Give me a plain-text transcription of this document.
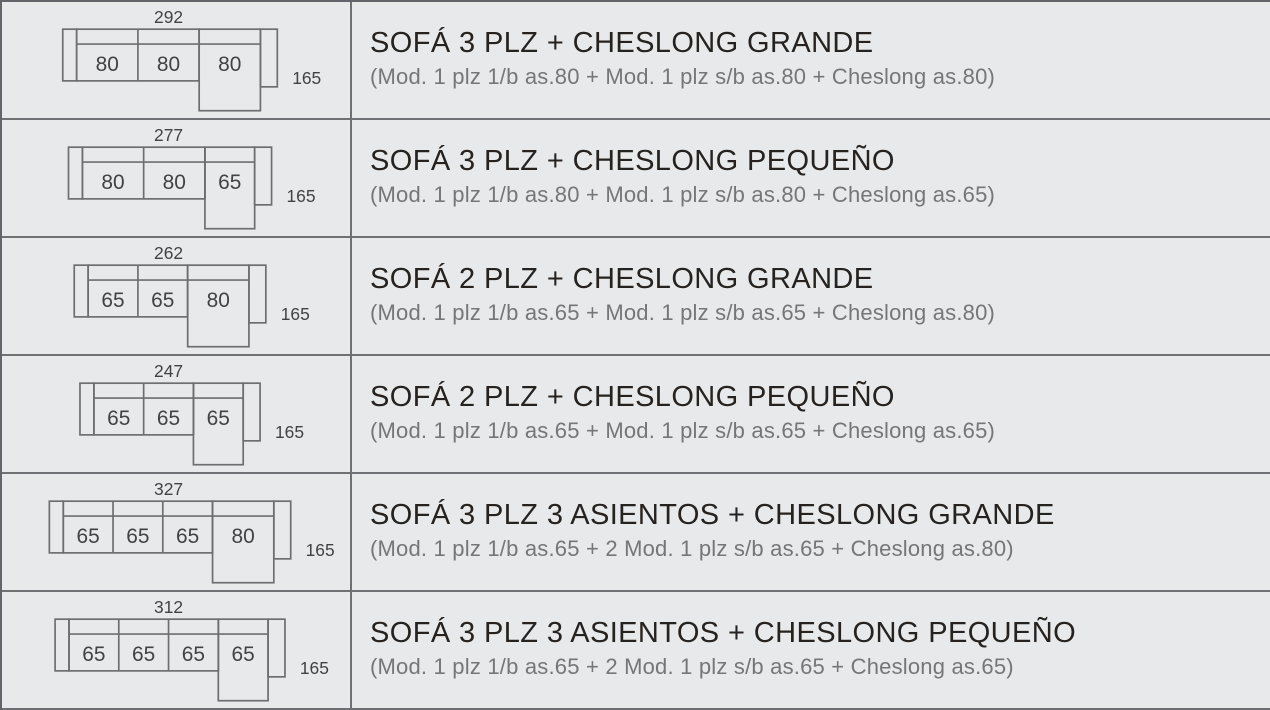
80 80 80
292
165
SOFÁ 3 PLZ + CHESLONG GRANDE
(Mod. 1 plz 1/b as.80 + Mod. 1 plz s/b as.80 + Cheslong as.80)
80 80 65
277
165
SOFÁ 3 PLZ + CHESLONG PEQUEÑO
(Mod. 1 plz 1/b as.80 + Mod. 1 plz s/b as.80 + Cheslong as.65)
65 65 80
262
165
SOFÁ 2 PLZ + CHESLONG GRANDE
(Mod. 1 plz 1/b as.65 + Mod. 1 plz s/b as.65 + Cheslong as.80)
65 65 65
247
165
SOFÁ 2 PLZ + CHESLONG PEQUEÑO
(Mod. 1 plz 1/b as.65 + Mod. 1 plz s/b as.65 + Cheslong as.65)
65 65 65 80
327
165
SOFÁ 3 PLZ 3 ASIENTOS + CHESLONG GRANDE
(Mod. 1 plz 1/b as.65 + 2 Mod. 1 plz s/b as.65 + Cheslong as.80)
65 65 65 65
312
165
SOFÁ 3 PLZ 3 ASIENTOS + CHESLONG PEQUEÑO
(Mod. 1 plz 1/b as.65 + 2 Mod. 1 plz s/b as.65 + Cheslong as.65)
